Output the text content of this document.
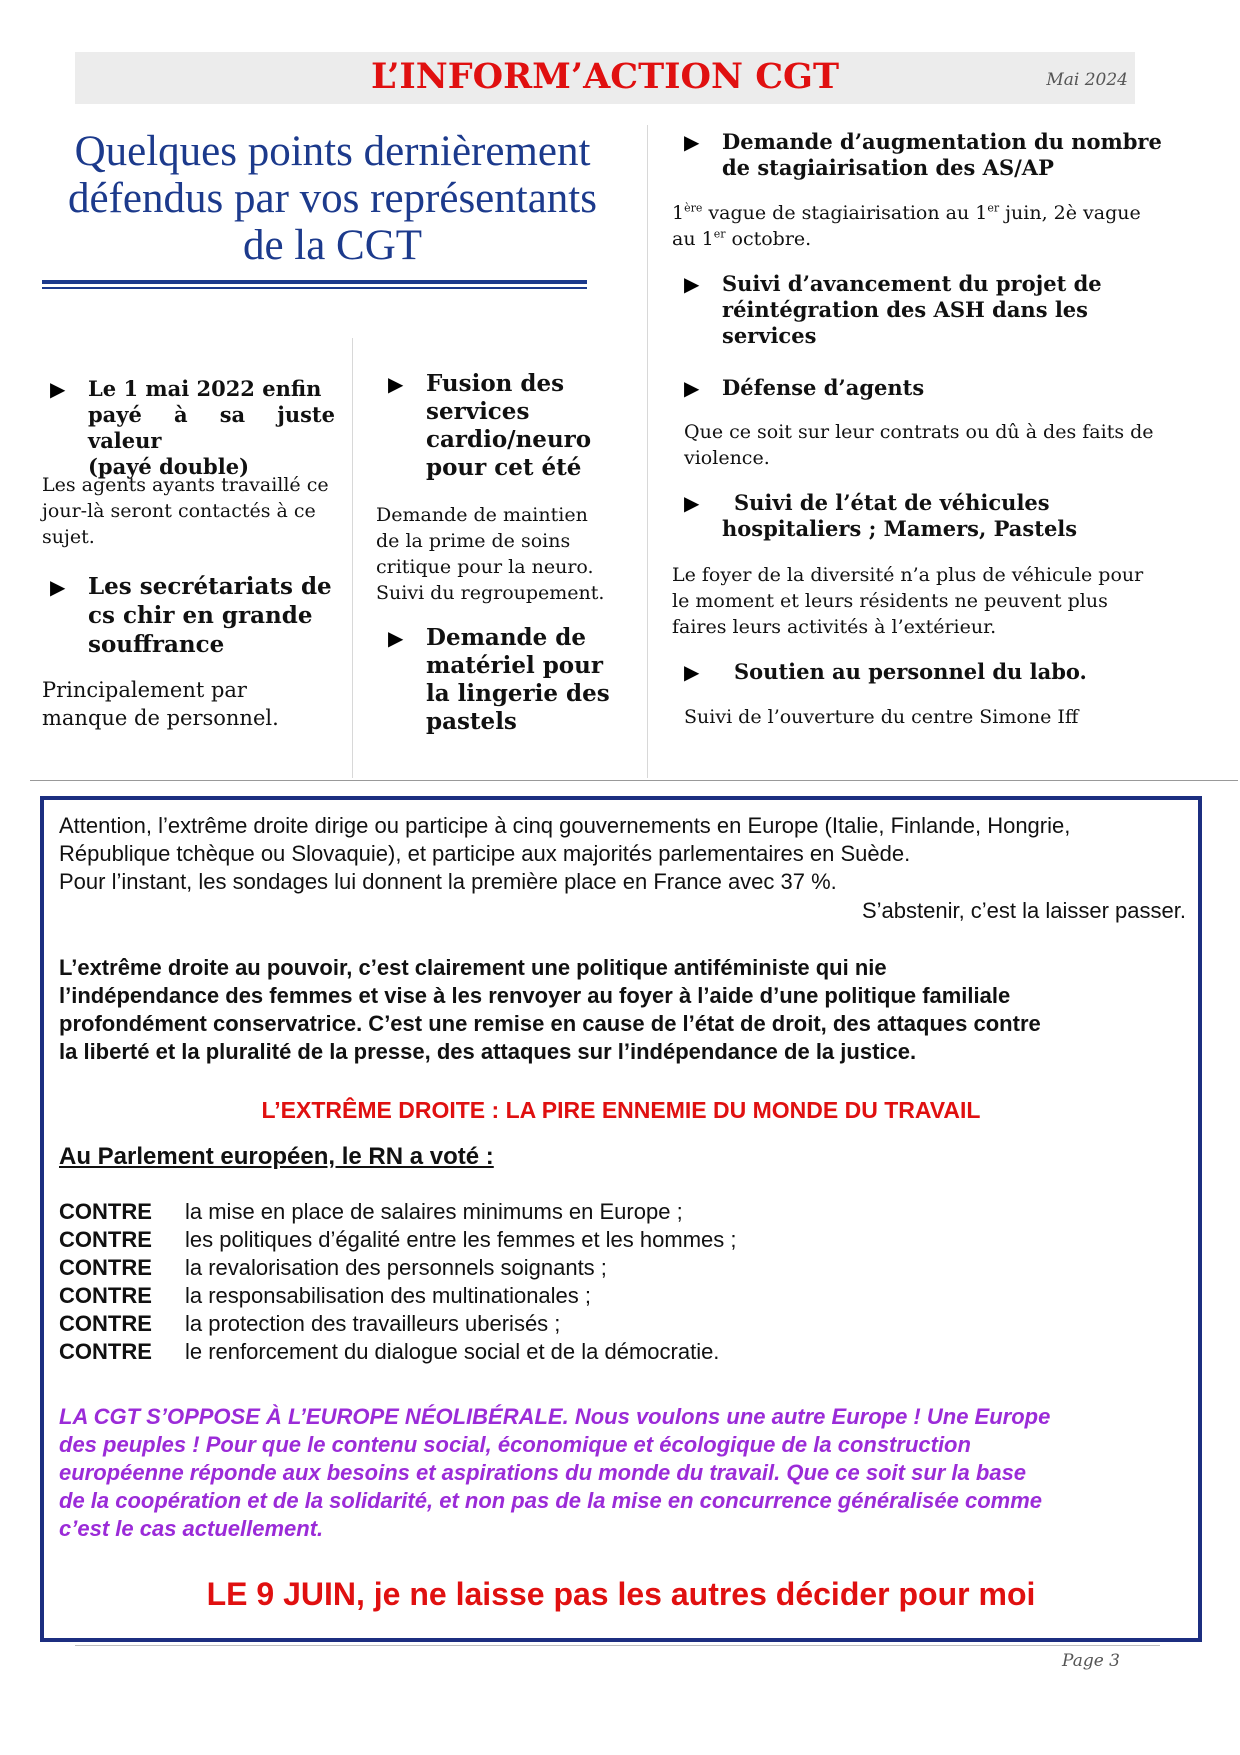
L’INFORM’ACTION CGT	Mai 2024
Quelques points dernièrement
défendus par vos représentants
de la CGT
▶	Le 1 mai 2022 enfin
payé à sa juste valeur
(payé double)
Les agents ayants travaillé ce
jour-là seront contactés à ce
sujet.
▶ Les secrétariats de
cs chir en grande
souffrance
Principalement par
manque de personnel.
▶ Fusion des
services
cardio/neuro
pour cet été
Demande de maintien
de la prime de soins
critique pour la neuro.
Suivi du regroupement.
▶ Demande de
matériel pour
la lingerie des
pastels
▶	Demande d’augmentation du nombre
de stagiairisation des AS/AP
1ère vague de stagiairisation au 1er juin, 2è vague
au 1er octobre.
▶	Suivi d’avancement du projet de
réintégration des ASH dans les
services
▶	Défense d’agents
Que ce soit sur leur contrats ou dû à des faits de
violence.
▶	Suivi de l’état de véhicules
hospitaliers ; Mamers, Pastels
Le foyer de la diversité n’a plus de véhicule pour
le moment et leurs résidents ne peuvent plus
faires leurs activités à l’extérieur.
▶	Soutien au personnel du labo.
Suivi de l’ouverture du centre Simone Iff
Attention, l’extrême droite dirige ou participe à cinq gouvernements en Europe (Italie, Finlande, Hongrie,
République tchèque ou Slovaquie), et participe aux majorités parlementaires en Suède.
Pour l’instant, les sondages lui donnent la première place en France avec 37 %.
S’abstenir, c’est la laisser passer.
L’extrême droite au pouvoir, c’est clairement une politique antiféministe qui nie
l’indépendance des femmes et vise à les renvoyer au foyer à l’aide d’une politique familiale
profondément conservatrice. C’est une remise en cause de l’état de droit, des attaques contre
la liberté et la pluralité de la presse, des attaques sur l’indépendance de la justice.
L’EXTRÊME DROITE : LA PIRE ENNEMIE DU MONDE DU TRAVAIL
Au Parlement européen, le RN a voté :
CONTRE la mise en place de salaires minimums en Europe ;
CONTRE les politiques d’égalité entre les femmes et les hommes ;
CONTRE la revalorisation des personnels soignants ;
CONTRE la responsabilisation des multinationales ;
CONTRE la protection des travailleurs uberisés ;
CONTRE le renforcement du dialogue social et de la démocratie.
LA CGT S’OPPOSE À L’EUROPE NÉOLIBÉRALE. Nous voulons une autre Europe ! Une Europe
des peuples ! Pour que le contenu social, économique et écologique de la construction
européenne réponde aux besoins et aspirations du monde du travail. Que ce soit sur la base
de la coopération et de la solidarité, et non pas de la mise en concurrence généralisée comme
c’est le cas actuellement.
LE 9 JUIN, je ne laisse pas les autres décider pour moi
Page 3
